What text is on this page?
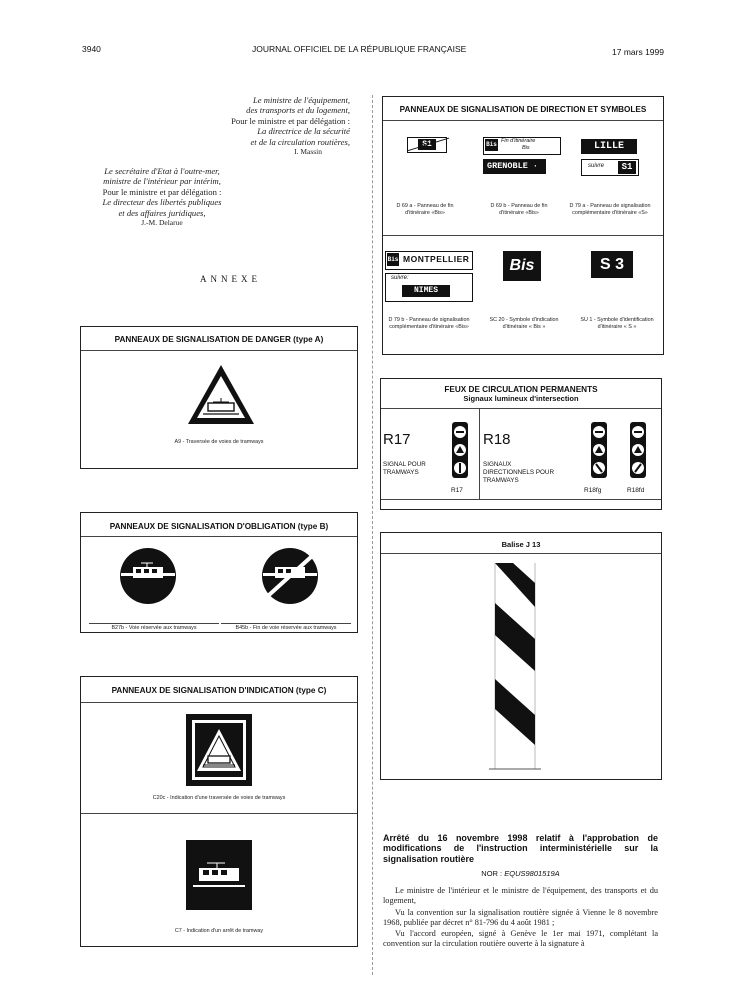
3940	JOURNAL OFFICIEL DE LA RÉPUBLIQUE FRANÇAISE	17 mars 1999
Le ministre de l'équipement,
des transports et du logement,
Pour le ministre et par délégation :
La directrice de la sécurité
et de la circulation routières,
I. Massin
Le secrétaire d'Etat à l'outre-mer,
ministre de l'intérieur par intérim,
Pour le ministre et par délégation :
Le directeur des libertés publiques
et des affaires juridiques,
J.-M. Delarue
ANNEXE
PANNEAUX DE SIGNALISATION DE DANGER (type A)
A9 - Traversée de voies de tramways
PANNEAUX DE SIGNALISATION D'OBLIGATION (type B)
B27b - Voie réservée aux tramways	B45b - Fin de voie réservée aux tramways
PANNEAUX DE SIGNALISATION D'INDICATION (type C)
C20c - Indication d'une traversée de voies de tramways
C7 - Indication d'un arrêt de tramway
PANNEAUX DE SIGNALISATION DE DIRECTION ET SYMBOLES
S1	Bis Fin d'itinéraire
Bis
GRENOBLE · 17
LILLE
suivre	S1
D 69 a - Panneau de fin d'itinéraire «Bis»
D 69 b - Panneau de fin d'itinéraire «Bis»
D 79 a - Panneau de signalisation complémentaire d'itinéraire «S»
Bis MONTPELLIER
suivre:
NIMES
Bis	S 3
D 79 b - Panneau de signalisation complémentaire d'itinéraire «Bis»
SC 20 - Symbole d'indication d'itinéraire « Bis »
SU 1 - Symbole d'identification d'itinéraire « S »
FEUX DE CIRCULATION PERMANENTS
Signaux lumineux d'intersection
R17
SIGNAL POUR TRAMWAYS
R17
R18
SIGNAUX DIRECTIONNELS POUR TRAMWAYS
R18fg	R18fd
Balise J 13
Arrêté du 16 novembre 1998 relatif à l'approbation de modifications de l'instruction interministérielle sur la signalisation routière
NOR : EQUS9801519A
Le ministre de l'intérieur et le ministre de l'équipement, des transports et du logement,
Vu la convention sur la signalisation routière signée à Vienne le 8 novembre 1968, publiée par décret n° 81-796 du 4 août 1981 ;
Vu l'accord européen, signé à Genève le 1er mai 1971, complétant la convention sur la circulation routière ouverte à la signature à
